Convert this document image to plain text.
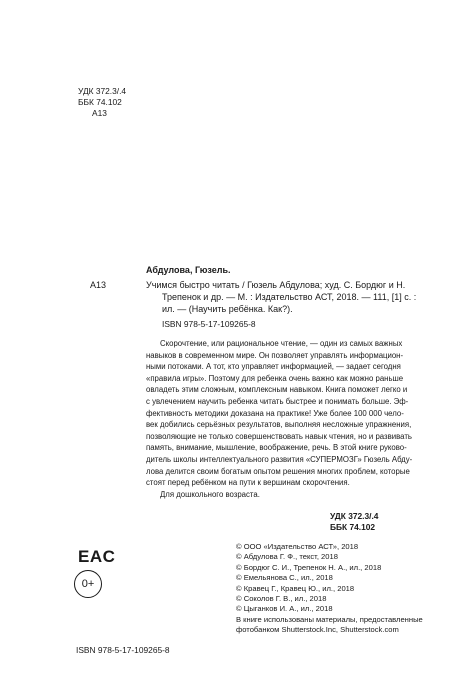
УДК 372.3/.4
ББК 74.102
А13
Абдулова, Гюзель.
А13	Учимся быстро читать / Гюзель Абдулова; худ. С. Бордюг и Н.
Трепенок и др. — М. : Издательство АСТ, 2018. — 111, [1] с. :
ил. — (Научить ребёнка. Как?).
ISBN 978-5-17-109265-8

Скорочтение, или рациональное чтение, — один из самых важных

навыков в современном мире. Он позволяет управлять информацион-

ными потоками. А тот, кто управляет информацией, — задает сегодня

«правила игры». Поэтому для ребенка очень важно как можно раньше

овладеть этим сложным, комплексным навыком. Книга поможет легко и

с увлечением научить ребенка читать быстрее и понимать больше. Эф-

фективность методики доказана на практике! Уже более 100 000 чело-

век добились серьёзных результатов, выполняя несложные упражнения,

позволяющие не только совершенствовать навык чтения, но и развивать

память, внимание, мышление, воображение, речь. В этой книге руково-

дитель школы интеллектуального развития «СУПЕРМОЗГ» Гюзель Абду-

лова делится своим богатым опытом решения многих проблем, которые

стоят перед ребёнком на пути к вершинам скорочтения.

Для дошкольного возраста.

УДК 372.3/.4
ББК 74.102
EAC
0+
ISBN 978-5-17-109265-8
© ООО «Издательство АСТ», 2018
© Абдулова Г. Ф., текст, 2018
© Бордюг С. И., Трепенок Н. А., ил., 2018
© Емельянова С., ил., 2018
© Кравец Г., Кравец Ю., ил., 2018
© Соколов Г. В., ил., 2018
© Цыганков И. А., ил., 2018
В книге использованы материалы, предоставленные
фотобанком Shutterstock.Inc, Shutterstock.com
